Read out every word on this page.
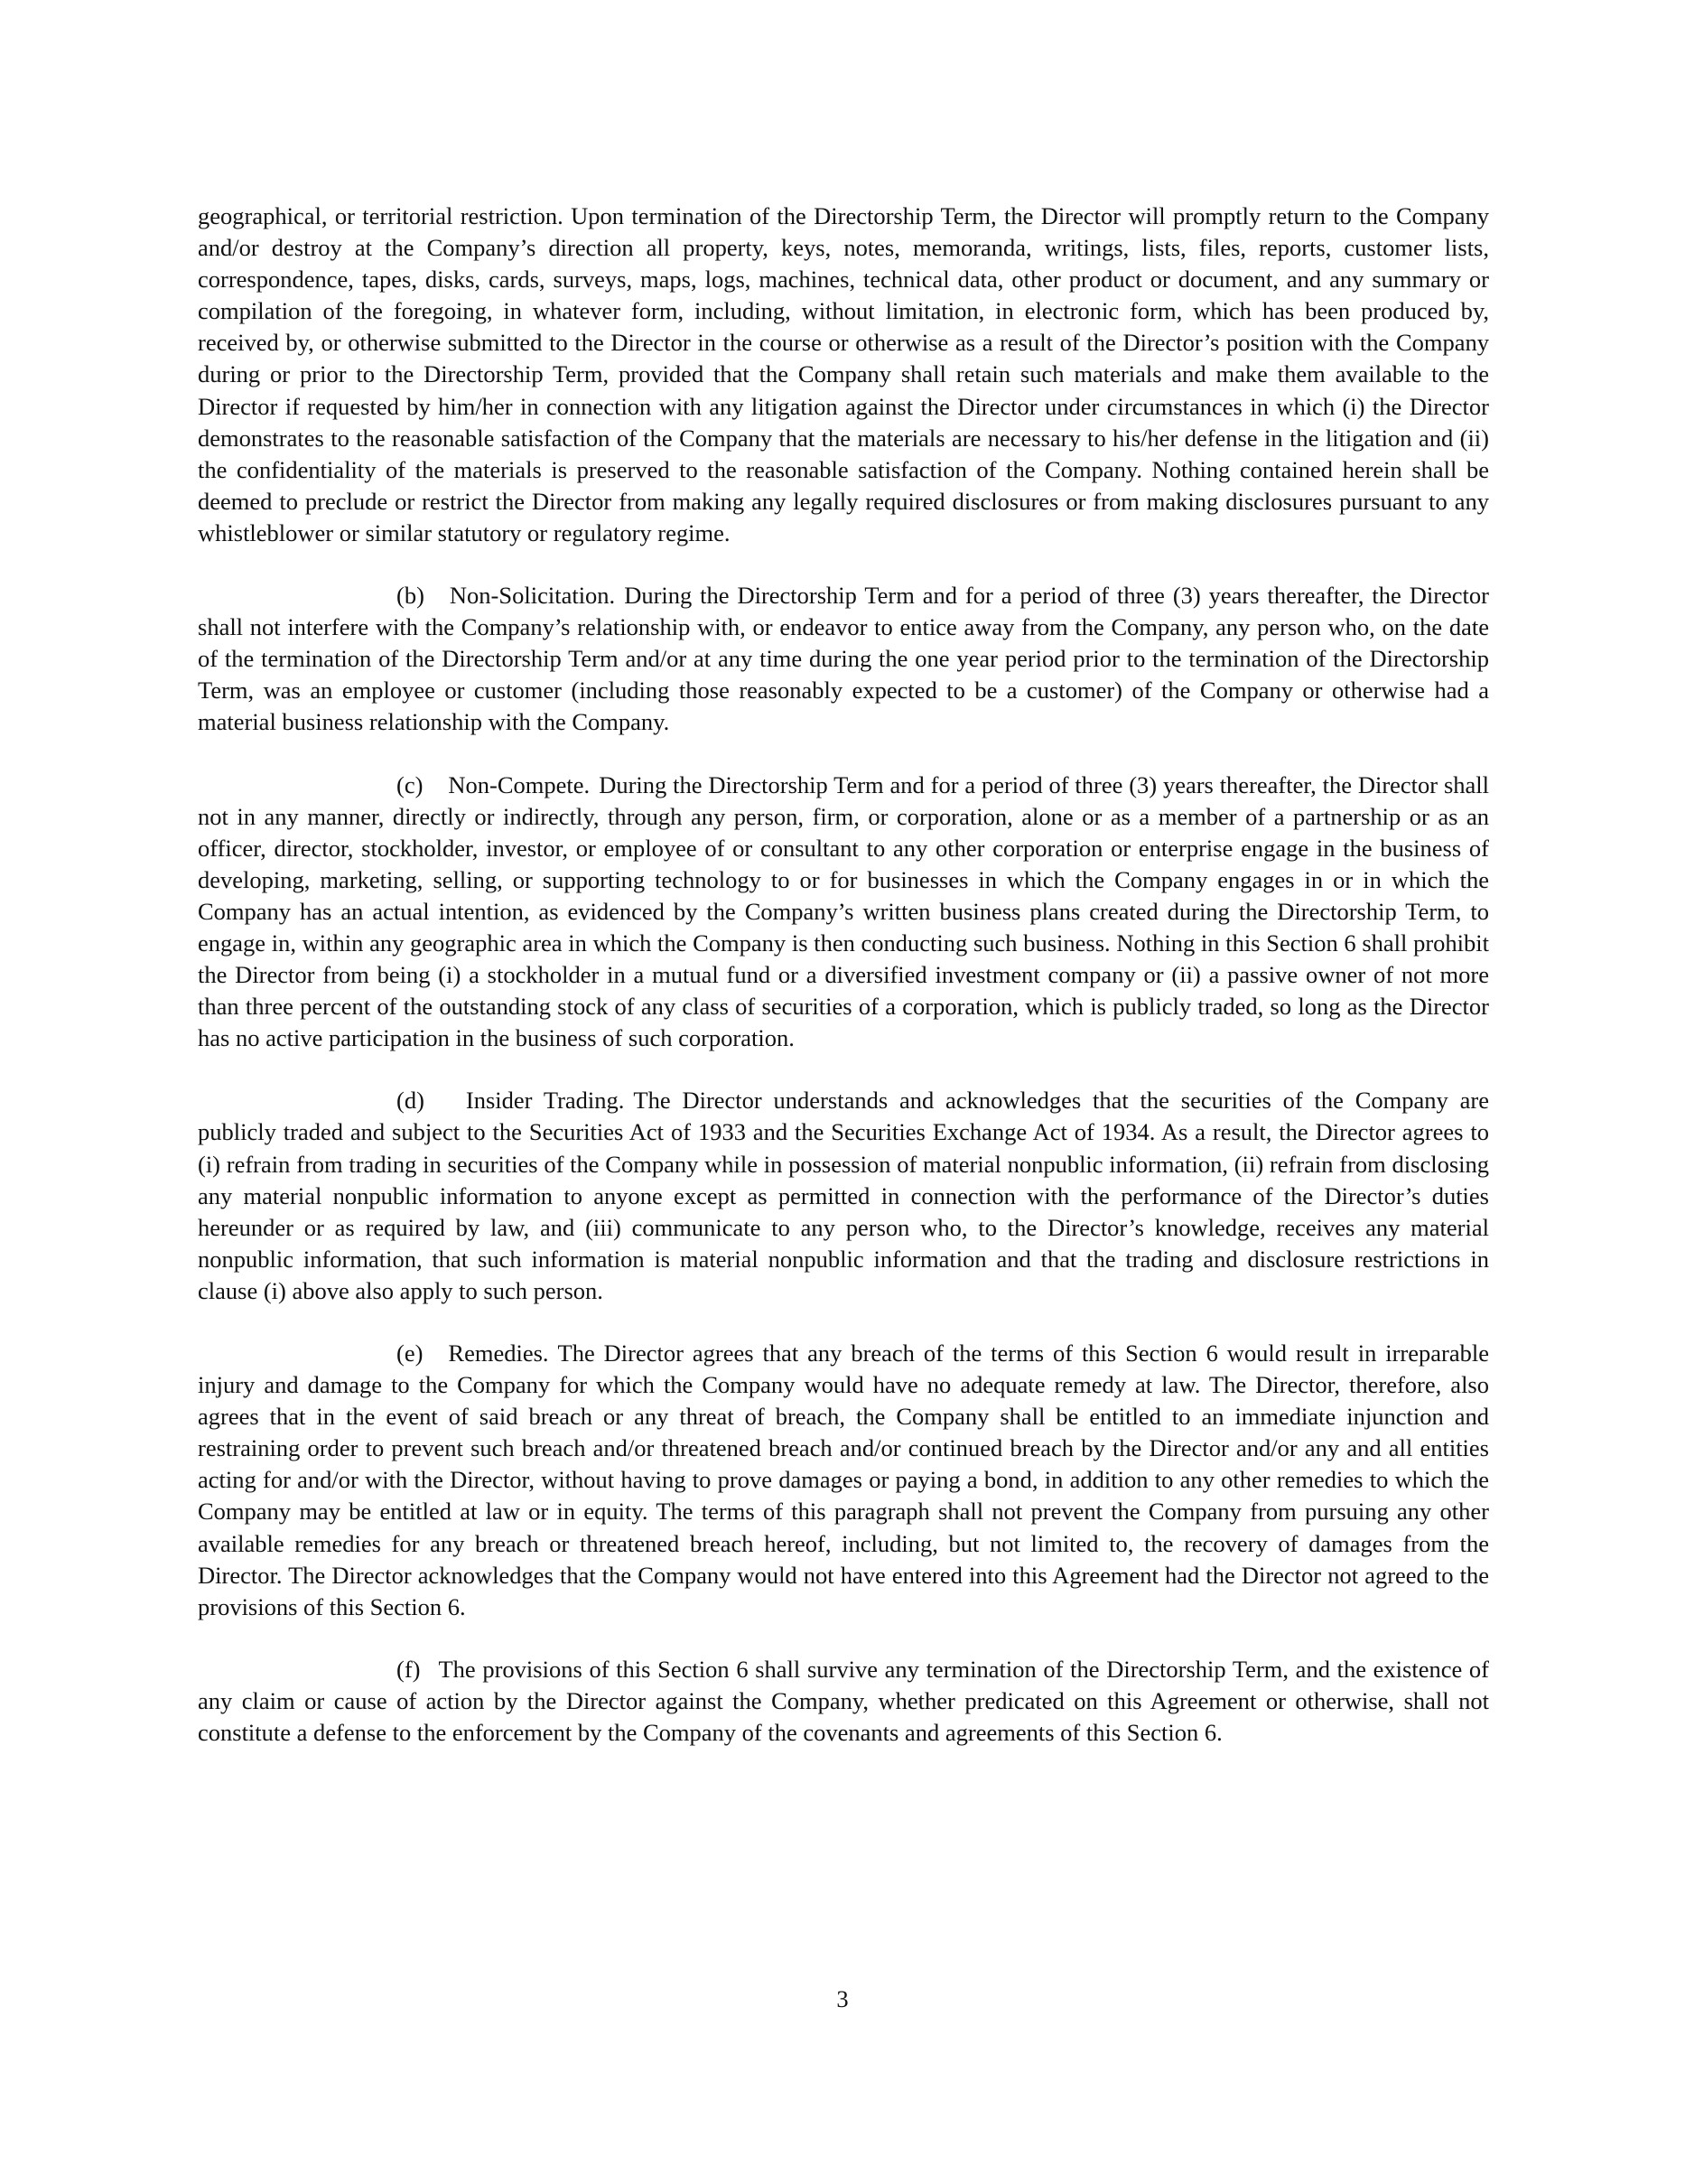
geographical, or territorial restriction. Upon termination of the Directorship Term, the Director will promptly return to the Company and/or destroy at the Company’s direction all property, keys, notes, memoranda, writings, lists, files, reports, customer lists, correspondence, tapes, disks, cards, surveys, maps, logs, machines, technical data, other product or document, and any summary or compilation of the foregoing, in whatever form, including, without limitation, in electronic form, which has been produced by, received by, or otherwise submitted to the Director in the course or otherwise as a result of the Director’s position with the Company during or prior to the Directorship Term, provided that the Company shall retain such materials and make them available to the Director if requested by him/her in connection with any litigation against the Director under circumstances in which (i) the Director demonstrates to the reasonable satisfaction of the Company that the materials are necessary to his/her defense in the litigation and (ii) the confidentiality of the materials is preserved to the reasonable satisfaction of the Company. Nothing contained herein shall be deemed to preclude or restrict the Director from making any legally required disclosures or from making disclosures pursuant to any whistleblower or similar statutory or regulatory regime.

(b) Non-Solicitation. During the Directorship Term and for a period of three (3) years thereafter, the Director shall not interfere with the Company’s relationship with, or endeavor to entice away from the Company, any person who, on the date of the termination of the Directorship Term and/or at any time during the one year period prior to the termination of the Directorship Term, was an employee or customer (including those reasonably expected to be a customer) of the Company or otherwise had a material business relationship with the Company.

(c) Non-Compete. During the Directorship Term and for a period of three (3) years thereafter, the Director shall not in any manner, directly or indirectly, through any person, firm, or corporation, alone or as a member of a partnership or as an officer, director, stockholder, investor, or employee of or consultant to any other corporation or enterprise engage in the business of developing, marketing, selling, or supporting technology to or for businesses in which the Company engages in or in which the Company has an actual intention, as evidenced by the Company’s written business plans created during the Directorship Term, to engage in, within any geographic area in which the Company is then conducting such business. Nothing in this Section 6 shall prohibit the Director from being (i) a stockholder in a mutual fund or a diversified investment company or (ii) a passive owner of not more than three percent of the outstanding stock of any class of securities of a corporation, which is publicly traded, so long as the Director has no active participation in the business of such corporation.

(d) Insider Trading. The Director understands and acknowledges that the securities of the Company are publicly traded and subject to the Securities Act of 1933 and the Securities Exchange Act of 1934. As a result, the Director agrees to (i) refrain from trading in securities of the Company while in possession of material nonpublic information, (ii) refrain from disclosing any material nonpublic information to anyone except as permitted in connection with the performance of the Director’s duties hereunder or as required by law, and (iii) communicate to any person who, to the Director’s knowledge, receives any material nonpublic information, that such information is material nonpublic information and that the trading and disclosure restrictions in clause (i) above also apply to such person.

(e) Remedies. The Director agrees that any breach of the terms of this Section 6 would result in irreparable injury and damage to the Company for which the Company would have no adequate remedy at law. The Director, therefore, also agrees that in the event of said breach or any threat of breach, the Company shall be entitled to an immediate injunction and restraining order to prevent such breach and/or threatened breach and/or continued breach by the Director and/or any and all entities acting for and/or with the Director, without having to prove damages or paying a bond, in addition to any other remedies to which the Company may be entitled at law or in equity. The terms of this paragraph shall not prevent the Company from pursuing any other available remedies for any breach or threatened breach hereof, including, but not limited to, the recovery of damages from the Director. The Director acknowledges that the Company would not have entered into this Agreement had the Director not agreed to the provisions of this Section 6.

(f) The provisions of this Section 6 shall survive any termination of the Directorship Term, and the existence of any claim or cause of action by the Director against the Company, whether predicated on this Agreement or otherwise, shall not constitute a defense to the enforcement by the Company of the covenants and agreements of this Section 6.

3
